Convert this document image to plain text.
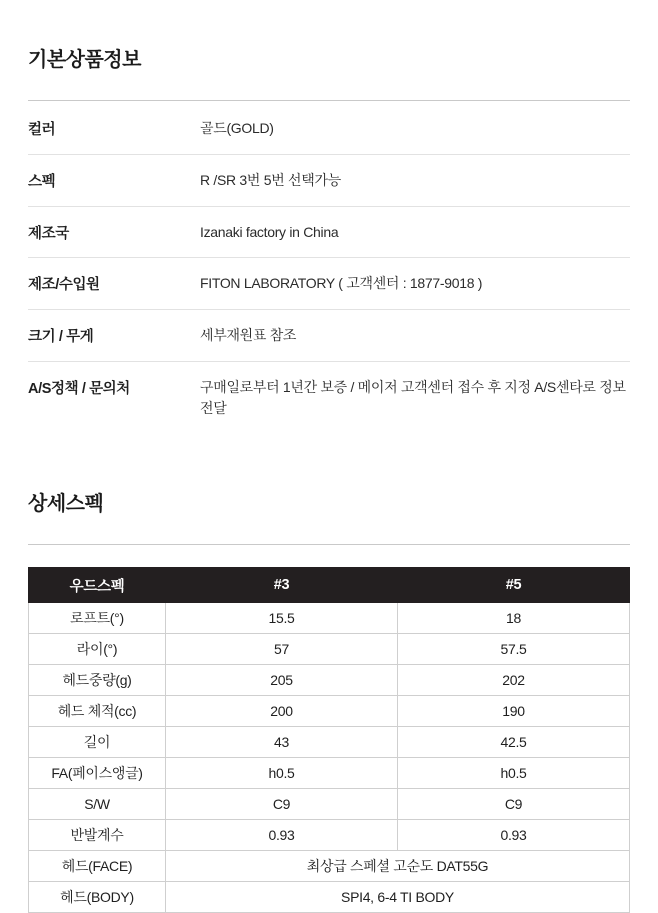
기본상품정보
컬러	골드(GOLD)
스펙	R /SR 3번 5번 선택가능
제조국	Izanaki factory in China
제조/수입원	FITON LABORATORY ( 고객센터 : 1877-9018 )
크기 / 무게	세부재원표 참조
A/S정책 / 문의처	구매일로부터 1년간 보증 / 메이저 고객센터 접수 후 지정 A/S센타로 정보 전달
상세스펙
우드스펙	#3	#5
로프트(°)	15.5	18
라이(°)	57	57.5
헤드중량(g)	205	202
헤드 체적(cc)	200	190
길이	43	42.5
FA(페이스앵글)	h0.5	h0.5
S/W	C9	C9
반발계수	0.93	0.93
헤드(FACE)	최상급 스페셜 고순도 DAT55G	
헤드(BODY)	SPI4, 6-4 TI BODY	
